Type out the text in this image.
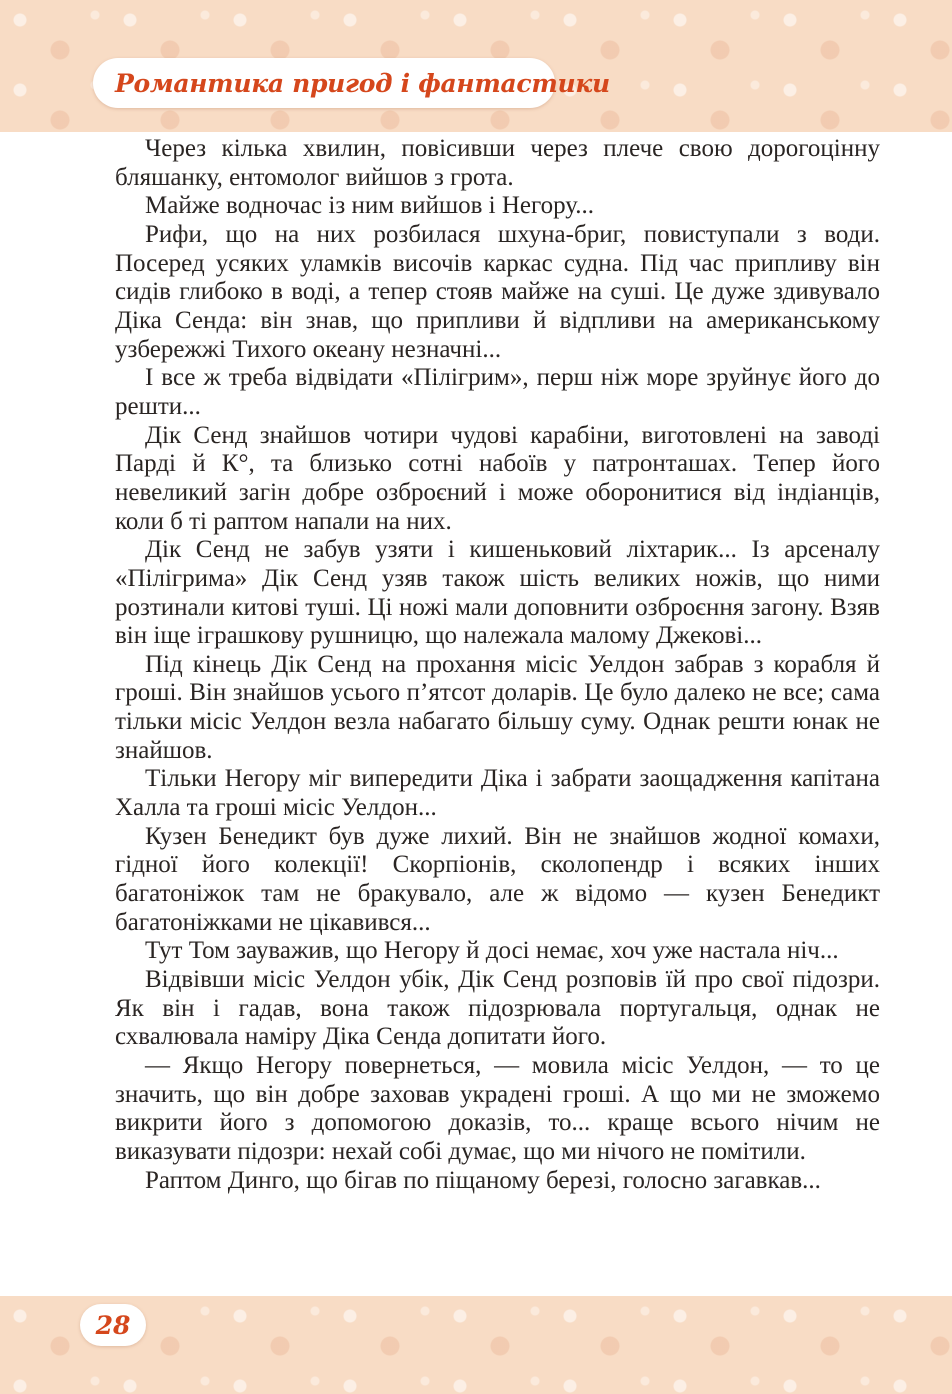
Романтика пригод і фантастики

Через кілька хвилин, повісивши через плече свою дорогоцінну бляшанку, ентомолог вийшов з грота.

Майже водночас із ним вийшов і Негору...

Рифи, що на них розбилася шхуна-бриг, повиступали з води. Посеред усяких уламків височів каркас судна. Під час припливу він сидів глибоко в воді, а тепер стояв майже на суші. Це дуже здивувало Діка Сенда: він знав, що припливи й відпливи на американському узбережжі Тихого океану незначні...

І все ж треба відвідати «Пілігрим», перш ніж море зруйнує його до решти...

Дік Сенд знайшов чотири чудові карабіни, виготовлені на заводі Парді й К°, та близько сотні набоїв у патронташах. Тепер його невеликий загін добре озброєний і може оборонитися від індіанців, коли б ті раптом напали на них.

Дік Сенд не забув узяти і кишеньковий ліхтарик... Із арсеналу «Пілігрима» Дік Сенд узяв також шість великих ножів, що ними розтинали китові туші. Ці ножі мали доповнити озброєння загону. Взяв він іще іграшкову рушницю, що належала малому Джекові...

Під кінець Дік Сенд на прохання місіс Уелдон забрав з корабля й гроші. Він знайшов усього п’ятсот доларів. Це було далеко не все; сама тільки місіс Уелдон везла набагато більшу суму. Однак решти юнак не знайшов.

Тільки Негору міг випередити Діка і забрати заощадження капітана Халла та гроші місіс Уелдон...

Кузен Бенедикт був дуже лихий. Він не знайшов жодної комахи, гідної його колекції! Скорпіонів, сколопендр і всяких інших багатоніжок там не бракувало, але ж відомо — кузен Бенедикт багатоніжками не цікавився...

Тут Том зауважив, що Негору й досі немає, хоч уже настала ніч...

Відвівши місіс Уелдон убік, Дік Сенд розповів їй про свої підозри. Як він і гадав, вона також підозрювала португальця, однак не схвалювала наміру Діка Сенда допитати його.

— Якщо Негору повернеться, — мовила місіс Уелдон, — то це значить, що він добре заховав украдені гроші. А що ми не зможемо викрити його з допомогою доказів, то... краще всього нічим не виказувати підозри: нехай собі думає, що ми нічого не помітили.

Раптом Динго, що бігав по піщаному березі, голосно загавкав...

28
